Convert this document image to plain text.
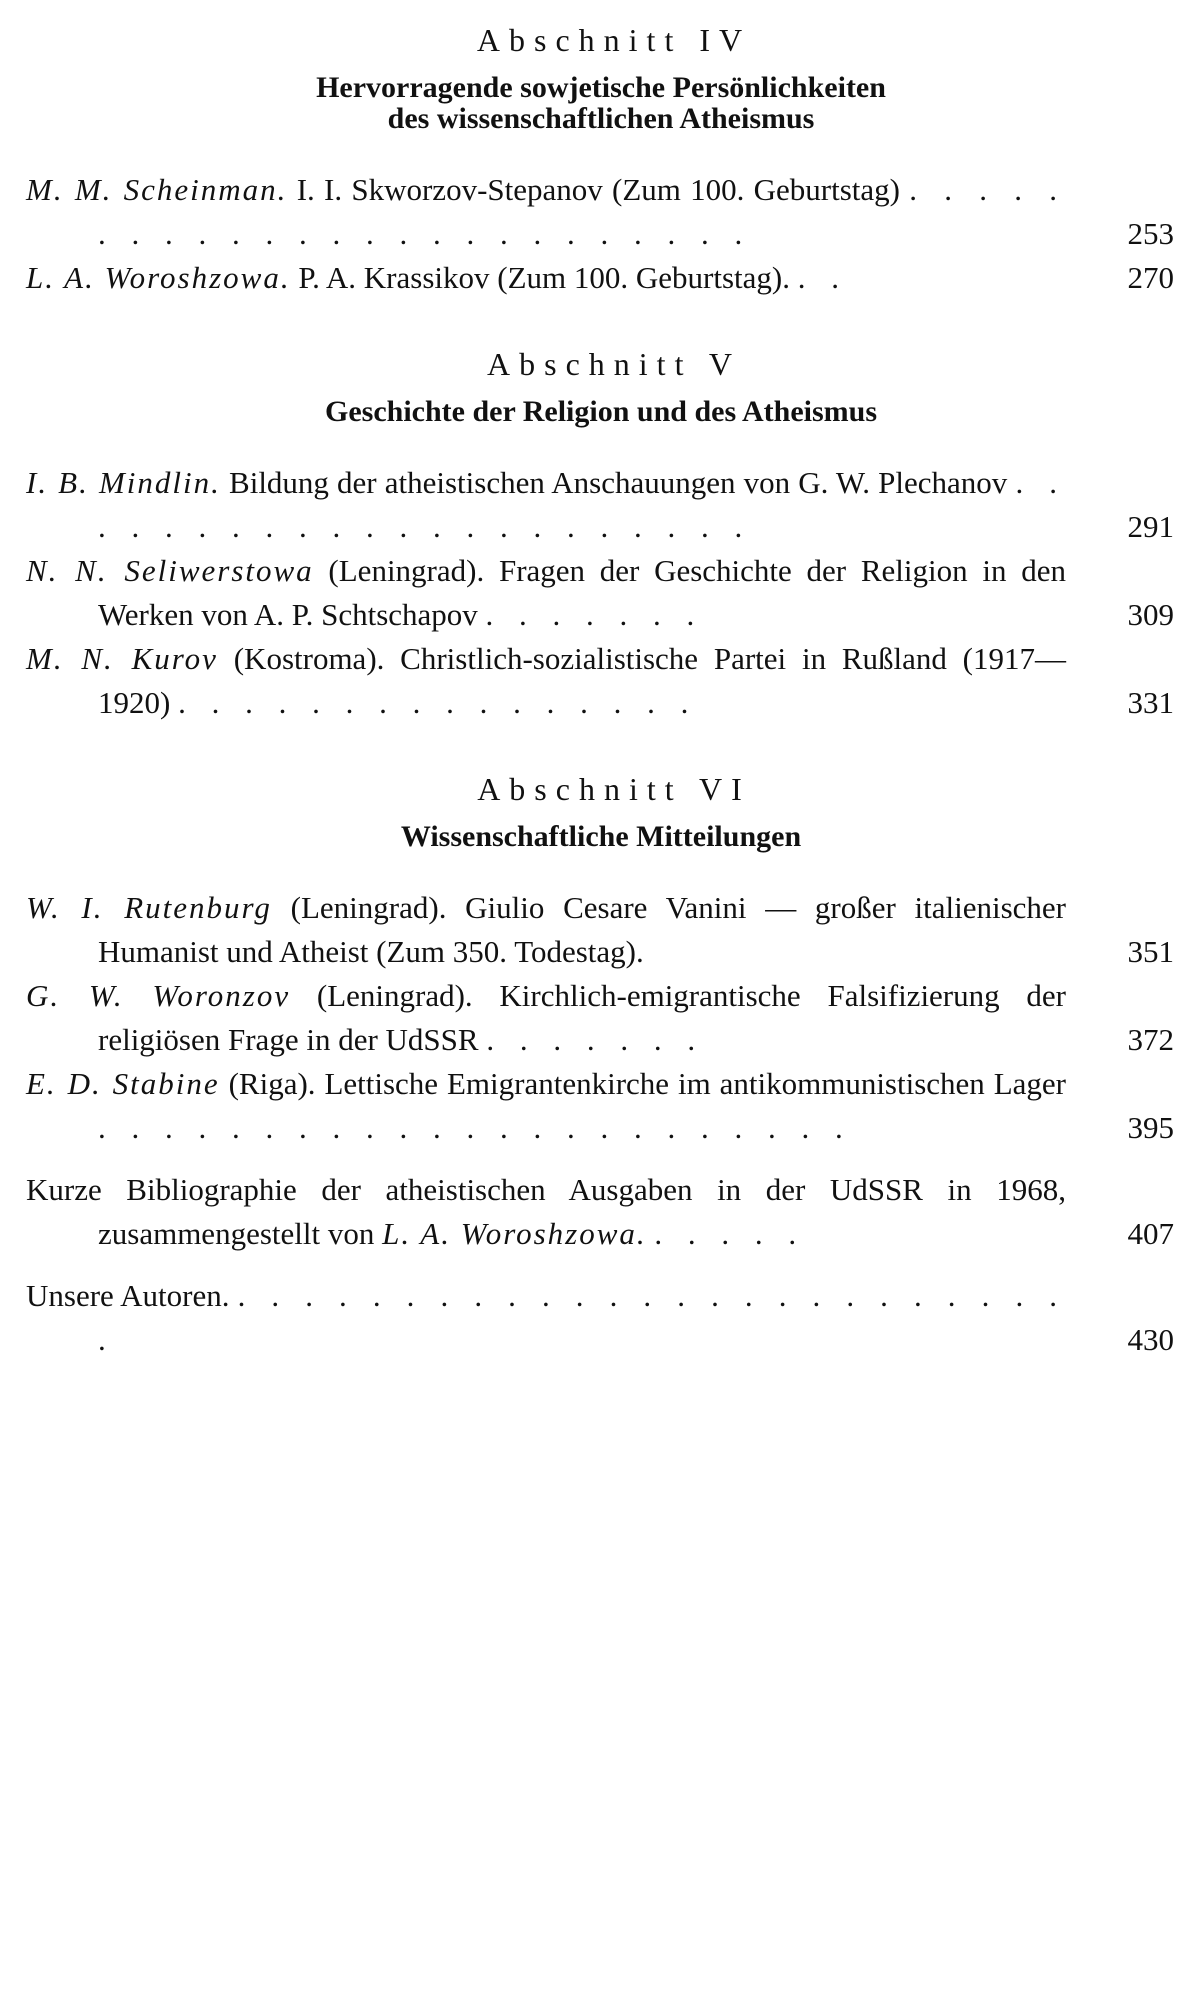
Abschnitt IV
Hervorragende sowjetische Persönlichkeiten
des wissenschaftlichen Atheismus
M. M. Scheinman. I. I. Skworzov-Stepanov (Zum 100. Geburtstag) . . . . . . . . . . . . . . . . . . . . . . . . .	253
L. A. Woroshzowa. P. A. Krassikov (Zum 100. Geburtstag). . .	270
Abschnitt V
Geschichte der Religion und des Atheismus
I. B. Mindlin. Bildung der atheistischen Anschauungen von G. W. Plechanov . . . . . . . . . . . . . . . . . . . . . .	291
N. N. Seliwerstowa (Leningrad). Fragen der Geschichte der Religion in den Werken von A. P. Schtschapov . . . . . . .	309
M. N. Kurov (Kostroma). Christlich-sozialistische Partei in Rußland (1917—1920) . . . . . . . . . . . . . . . .	331
Abschnitt VI
Wissenschaftliche Mitteilungen
W. I. Rutenburg (Leningrad). Giulio Cesare Vanini — großer italienischer Humanist und Atheist (Zum 350. Todestag).	351
G. W. Woronzov (Leningrad). Kirchlich-emigrantische Falsifizierung der religiösen Frage in der UdSSR . . . . . . .	372
E. D. Stabine (Riga). Lettische Emigrantenkirche im antikommunistischen Lager . . . . . . . . . . . . . . . . . . . . . . .	395
Kurze Bibliographie der atheistischen Ausgaben in der UdSSR in 1968, zusammengestellt von L. A. Woroshzowa. . . . . .	407
Unsere Autoren. . . . . . . . . . . . . . . . . . . . . . . . . . .	430
